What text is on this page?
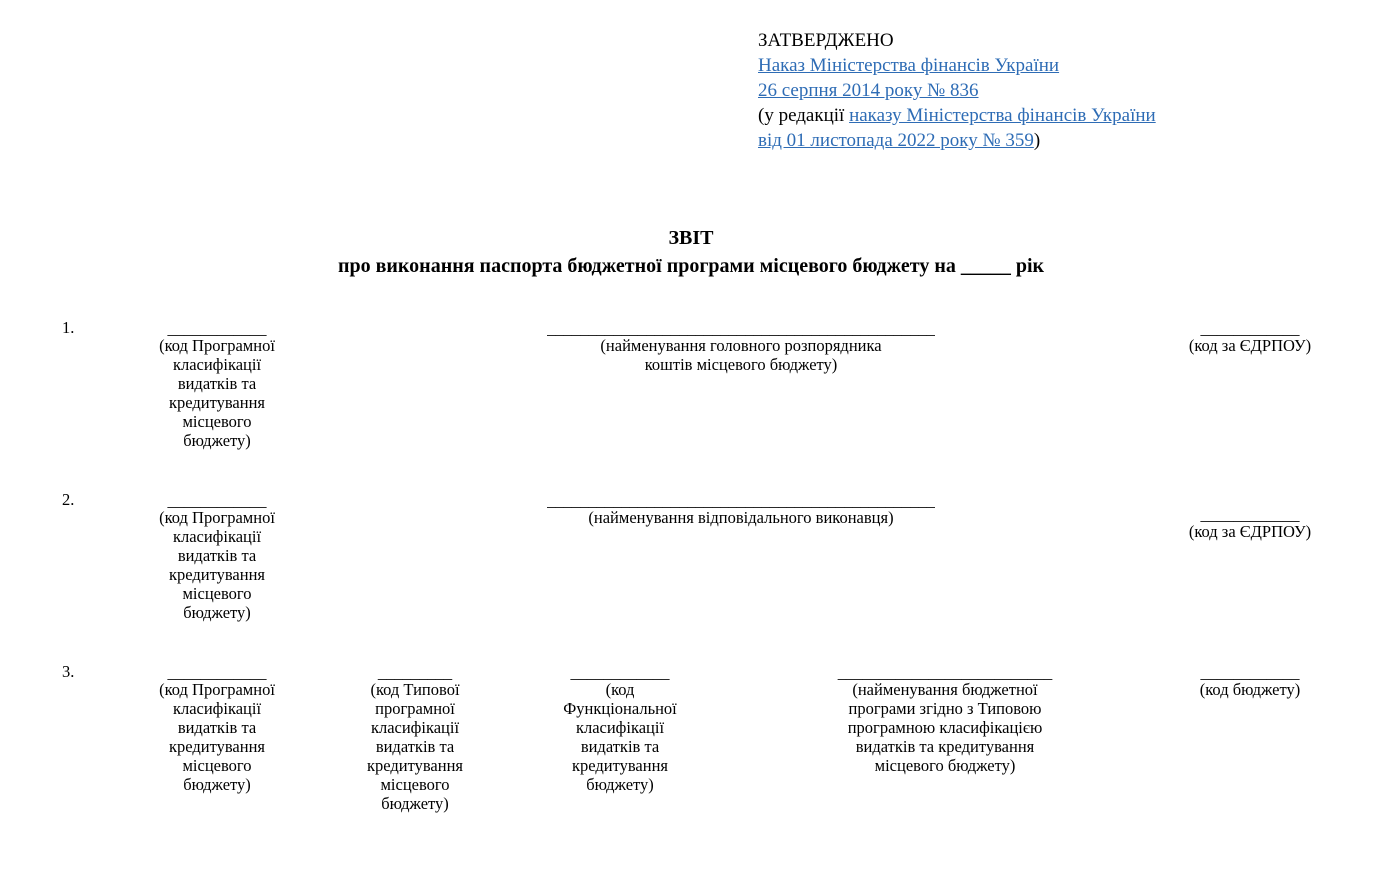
ЗАТВЕРДЖЕНО
Наказ Міністерства фінансів України
26 серпня 2014 року № 836
(у редакції наказу Міністерства фінансів України
від 01 листопада 2022 року № 359)
ЗВІТ
про виконання паспорта бюджетної програми місцевого бюджету на _____ рік
1.	____________
(код Програмної класифікації видатків та кредитування місцевого бюджету)
_______________________________________________
(найменування головного розпорядника коштів місцевого бюджету)
____________
(код за ЄДРПОУ)
2.	____________
(код Програмної класифікації видатків та кредитування місцевого бюджету)
_______________________________________________
(найменування відповідального виконавця)	____________
(код за ЄДРПОУ)
3.	____________
(код Програмної класифікації видатків та кредитування місцевого бюджету)
_________
(код Типової програмної класифікації видатків та кредитування місцевого бюджету)
____________
(код Функціональної класифікації видатків та кредитування бюджету)
__________________________
(найменування бюджетної програми згідно з Типовою програмною класифікацією видатків та кредитування місцевого бюджету)
____________
(код бюджету)
